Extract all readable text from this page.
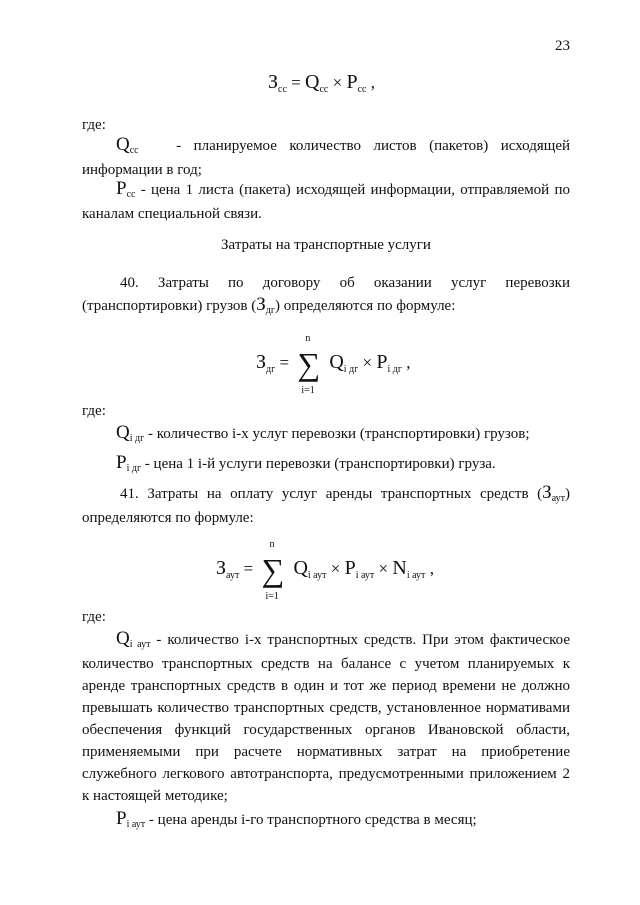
23
$З_{сс} = Q_{сс} \times P_{сс}$ ,

где:

$Q_{сс}$ - планируемое количество листов (пакетов) исходящей
информации в год;
$P_{сс}$ - цена 1 листа (пакета) исходящей информации, отправляемой по
каналам специальной связи.

Затраты на транспортные услуги

40. Затраты по договору об оказании услуг перевозки
(транспортировки) грузов $(З_{дг})$ определяются по формуле:
$З_{дг}$ =
n
∑
i=1
$Q_{i дг} \times P_{i дг}$ ,

где:

$Q_{i дг}$ - количество i-х услуг перевозки (транспортировки) грузов;
$P_{i дг}$ - цена 1 i-й услуги перевозки (транспортировки) груза.
41. Затраты на оплату услуг аренды транспортных средств $(З_{аут})$
определяются по формуле:
$З_{аут}$ =
n
∑
i=1
$Q_{i аут} \times P_{i аут} \times N_{i аут}$ ,

где:

$Q_{i аут}$ - количество i-х транспортных средств. При этом фактическое
количество транспортных средств на балансе с учетом планируемых к
аренде транспортных средств в один и тот же период времени не должно
превышать количество транспортных средств, установленное нормативами
обеспечения функций государственных органов Ивановской области,
применяемыми при расчете нормативных затрат на приобретение
служебного легкового автотранспорта, предусмотренными приложением 2
к настоящей методике;
$P_{i аут}$ - цена аренды i-го транспортного средства в месяц;
